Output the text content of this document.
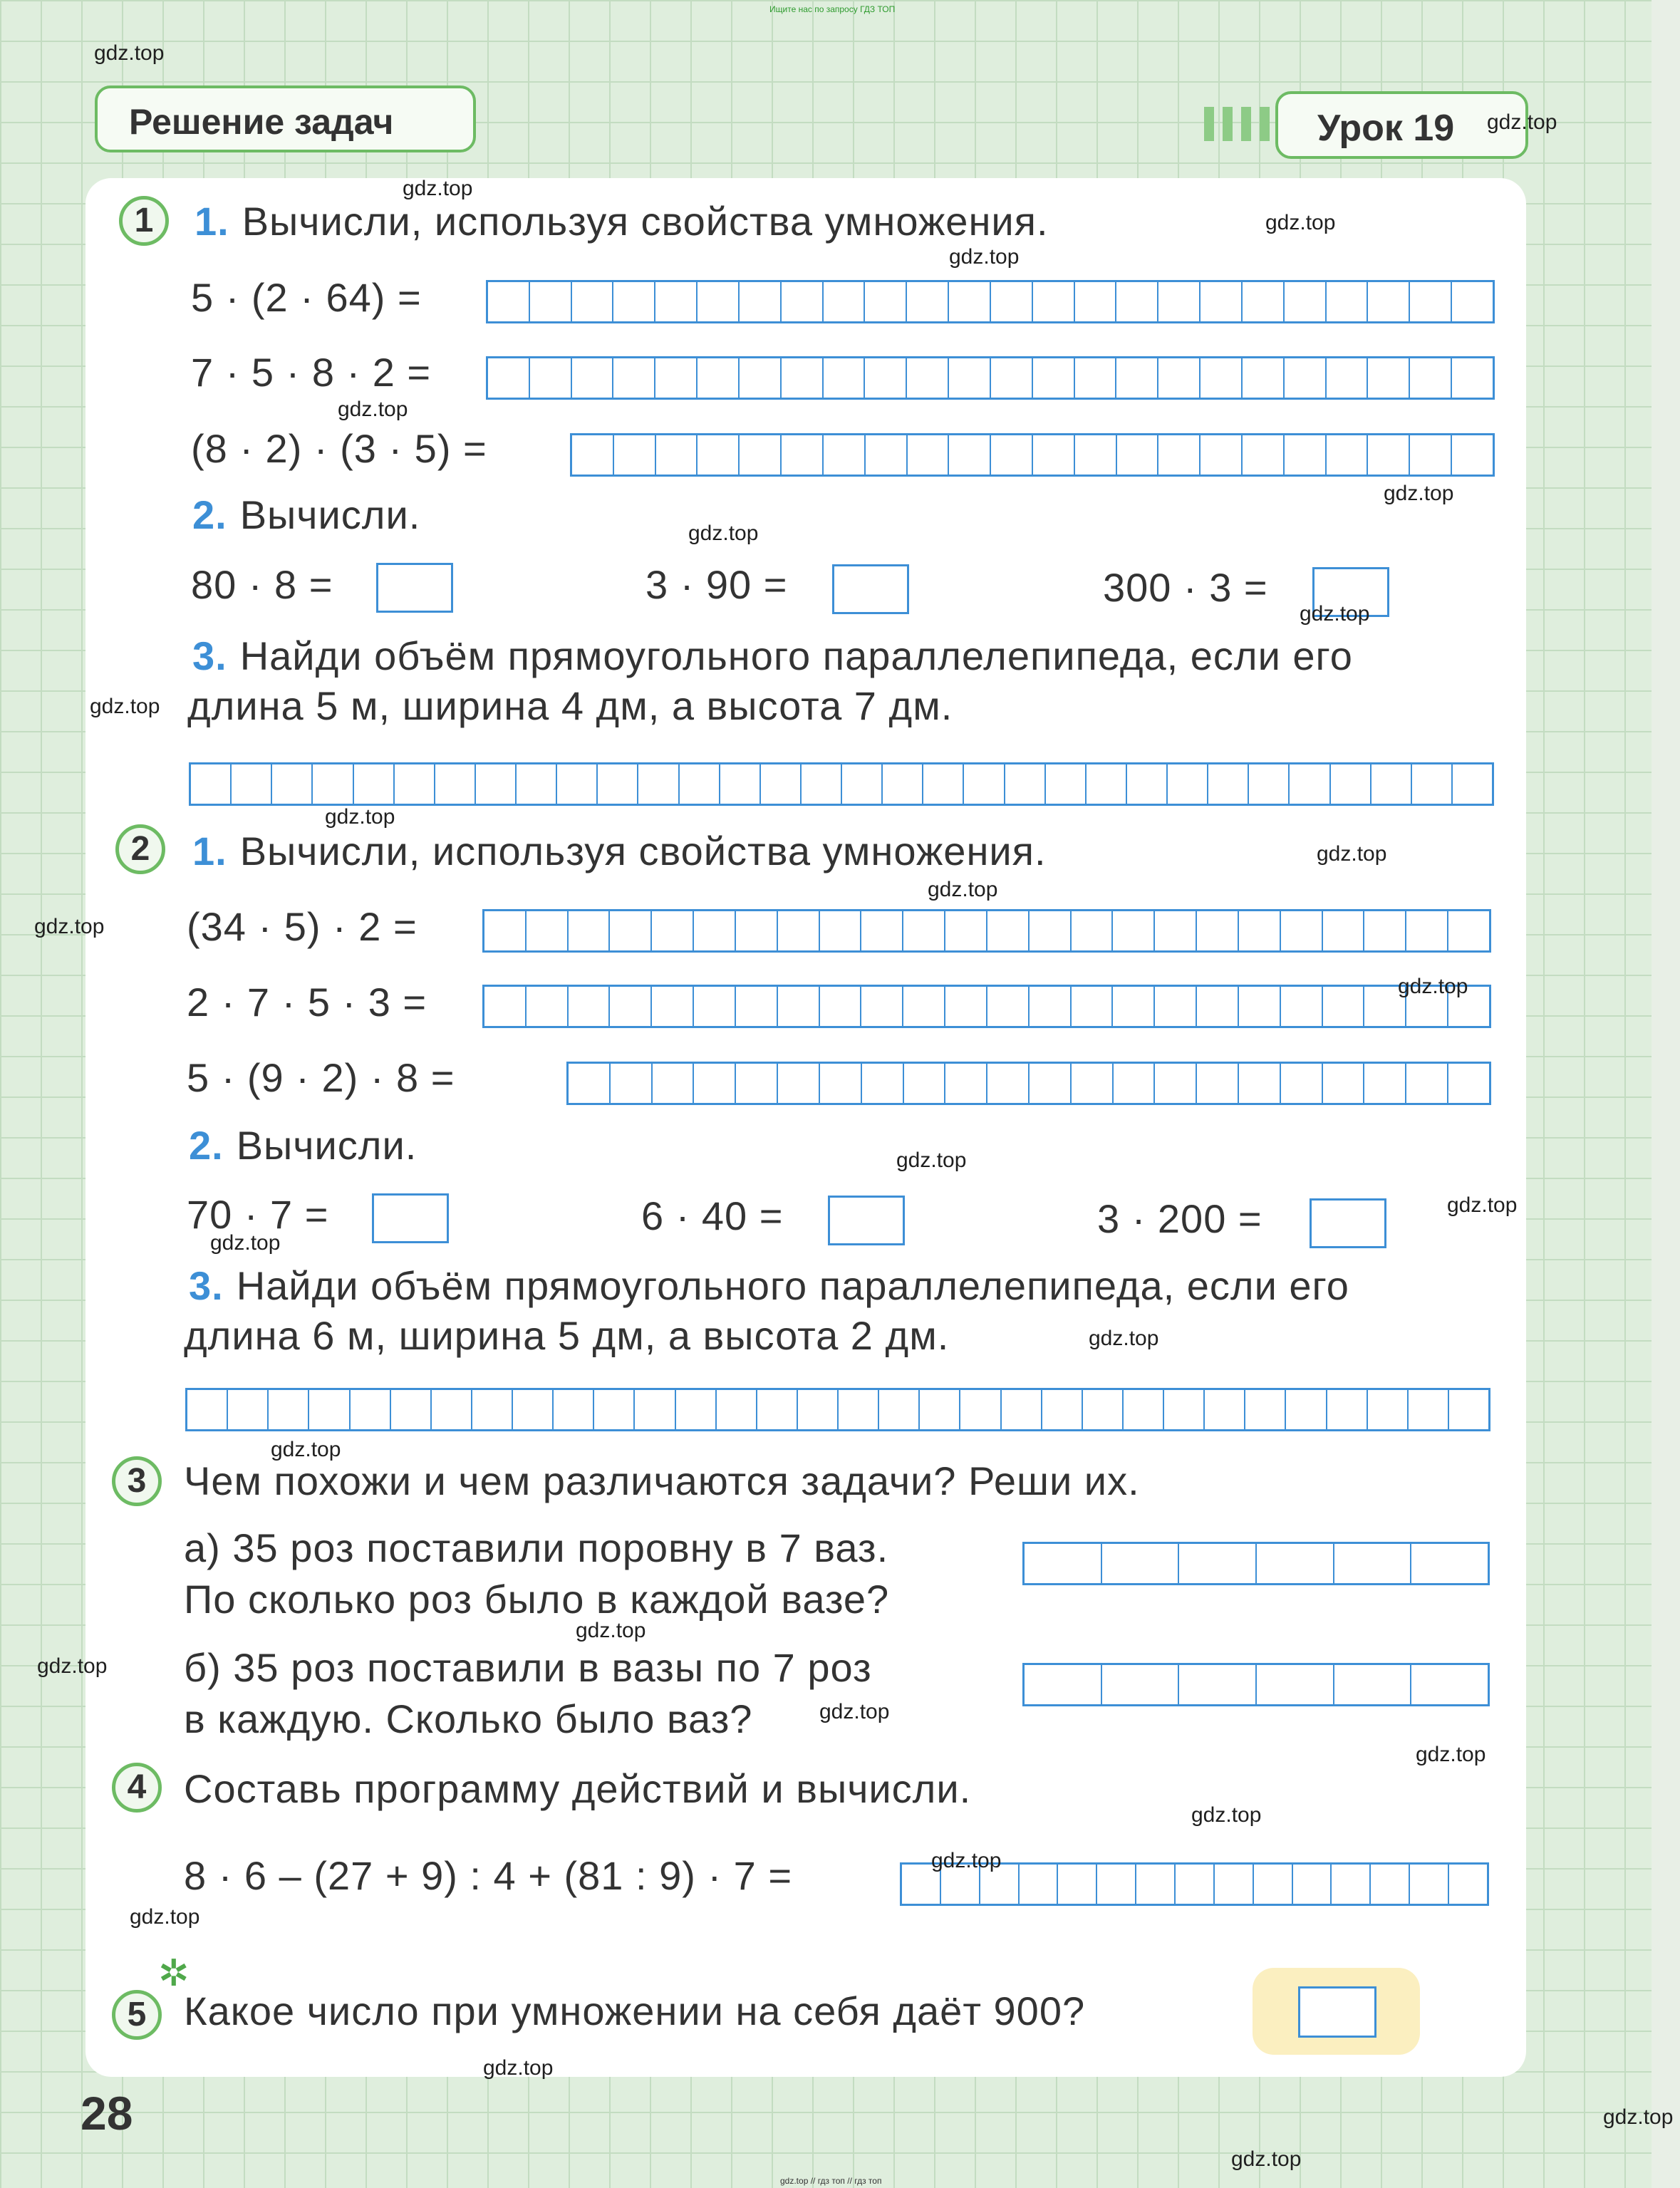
Ищите нас по запросу ГДЗ ТОП
Решение задач	Урок 19
1	1. Вычисли, используя свойства умножения.
5 · (2 · 64) =
7 · 5 · 8 · 2 =
(8 · 2) · (3 · 5) =
2. Вычисли.
80 · 8 =	3 · 90 =	300 · 3 =
3. Найди объём прямоугольного параллелепипеда, если его
длина 5 м, ширина 4 дм, а высота 7 дм.
2	1. Вычисли, используя свойства умножения.
(34 · 5) · 2 =
2 · 7 · 5 · 3 =
5 · (9 · 2) · 8 =
2. Вычисли.
70 · 7 =	6 · 40 =	3 · 200 =
3. Найди объём прямоугольного параллелепипеда, если его
длина 6 м, ширина 5 дм, а высота 2 дм.
3 Чем похожи и чем различаются задачи? Реши их.
а) 35 роз поставили поровну в 7 ваз.
По сколько роз было в каждой вазе?
б) 35 роз поставили в вазы по 7 роз
в каждую. Сколько было ваз?
4 Составь программу действий и вычисли.
8 · 6 – (27 + 9) : 4 + (81 : 9) · 7 =
✲
5 Какое число при умножении на себя даёт 900?
28
gdz.top
gdz.top
gdz.top
gdz.top
gdz.top
gdz.top
gdz.top
gdz.top
gdz.top
gdz.top
gdz.top
gdz.top
gdz.top
gdz.top
gdz.top
gdz.top
gdz.top
gdz.top
gdz.top
gdz.top
gdz.top
gdz.top
gdz.top
gdz.top
gdz.top
gdz.top
gdz.top
gdz.top
gdz.top
gdz.top
gdz.top // гдз топ // гдз топ
